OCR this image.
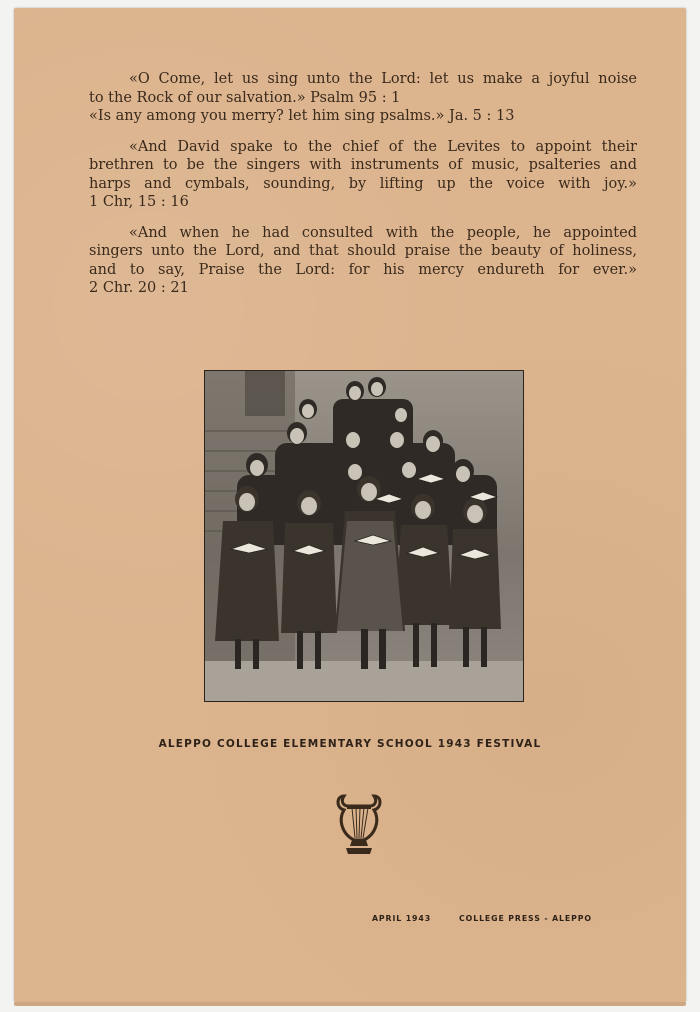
«O Come, let us sing unto the Lord: let us make a joyful noise
to the Rock of our salvation.» Psalm 95 : 1
«Is any among you merry? let him sing psalms.» Ja. 5 : 13
«And David spake to the chief of the Levites to appoint their
brethren to be the singers with instruments of music, psalteries and
harps and cymbals, sounding, by lifting up the voice with joy.»
1 Chr, 15 : 16
«And when he had consulted with the people, he appointed
singers unto the Lord, and that should praise the beauty of holiness,
and to say, Praise the Lord: for his mercy endureth for ever.»
2 Chr. 20 : 21
ALEPPO COLLEGE ELEMENTARY SCHOOL 1943 FESTIVAL
APRIL 1943	COLLEGE PRESS - ALEPPO
